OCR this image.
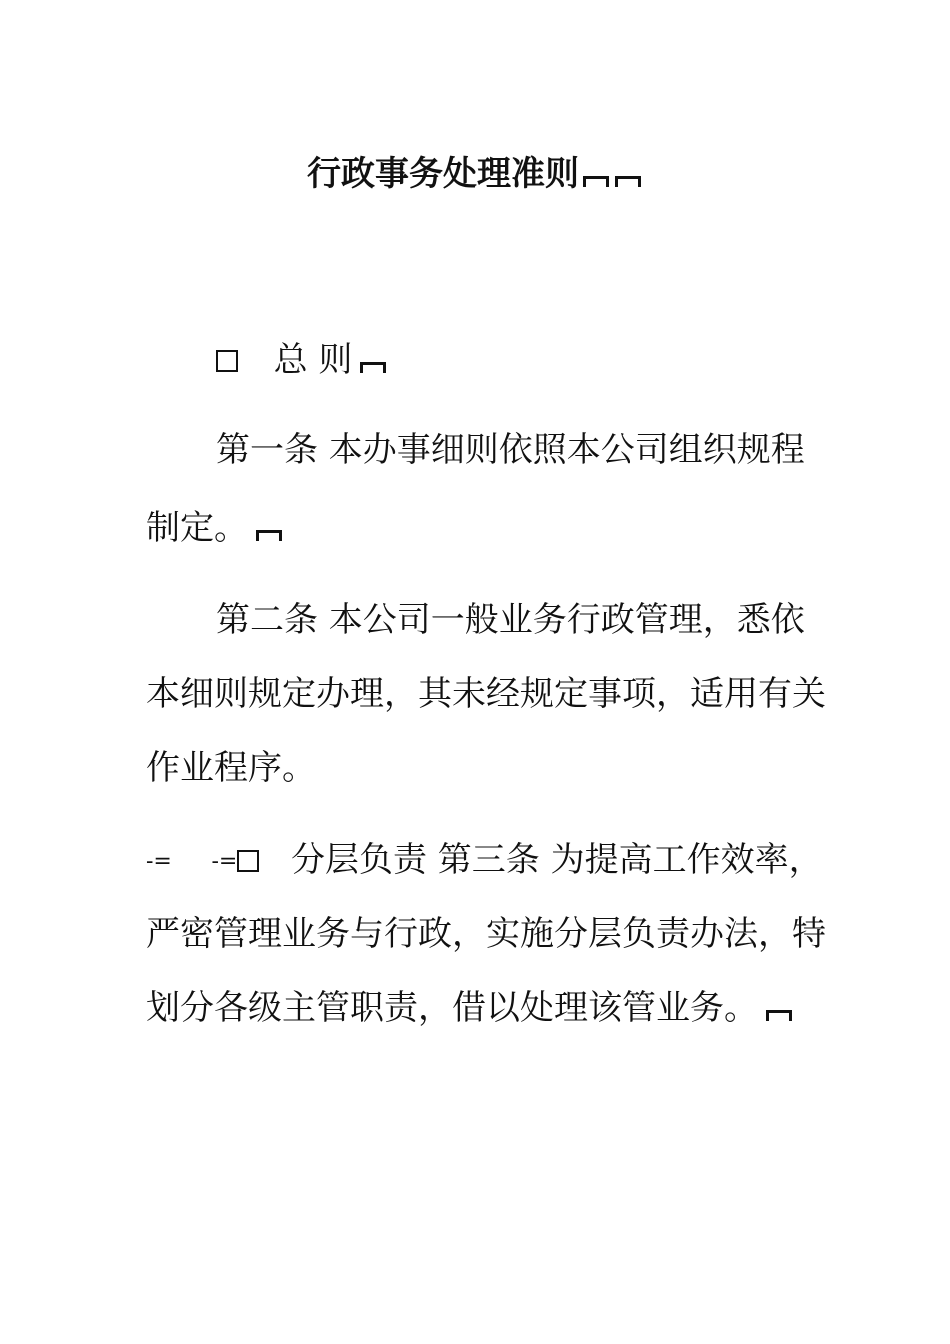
行政事务处理准则
总 则
第一条 本办事细则依照本公司组织规程
制定。
第二条 本公司一般业务行政管理，悉依
本细则规定办理，其未经规定事项，适用有关
作业程序。
-= -= 分层负责 第三条 为提高工作效率，
严密管理业务与行政，实施分层负责办法，特
划分各级主管职责，借以处理该管业务。
